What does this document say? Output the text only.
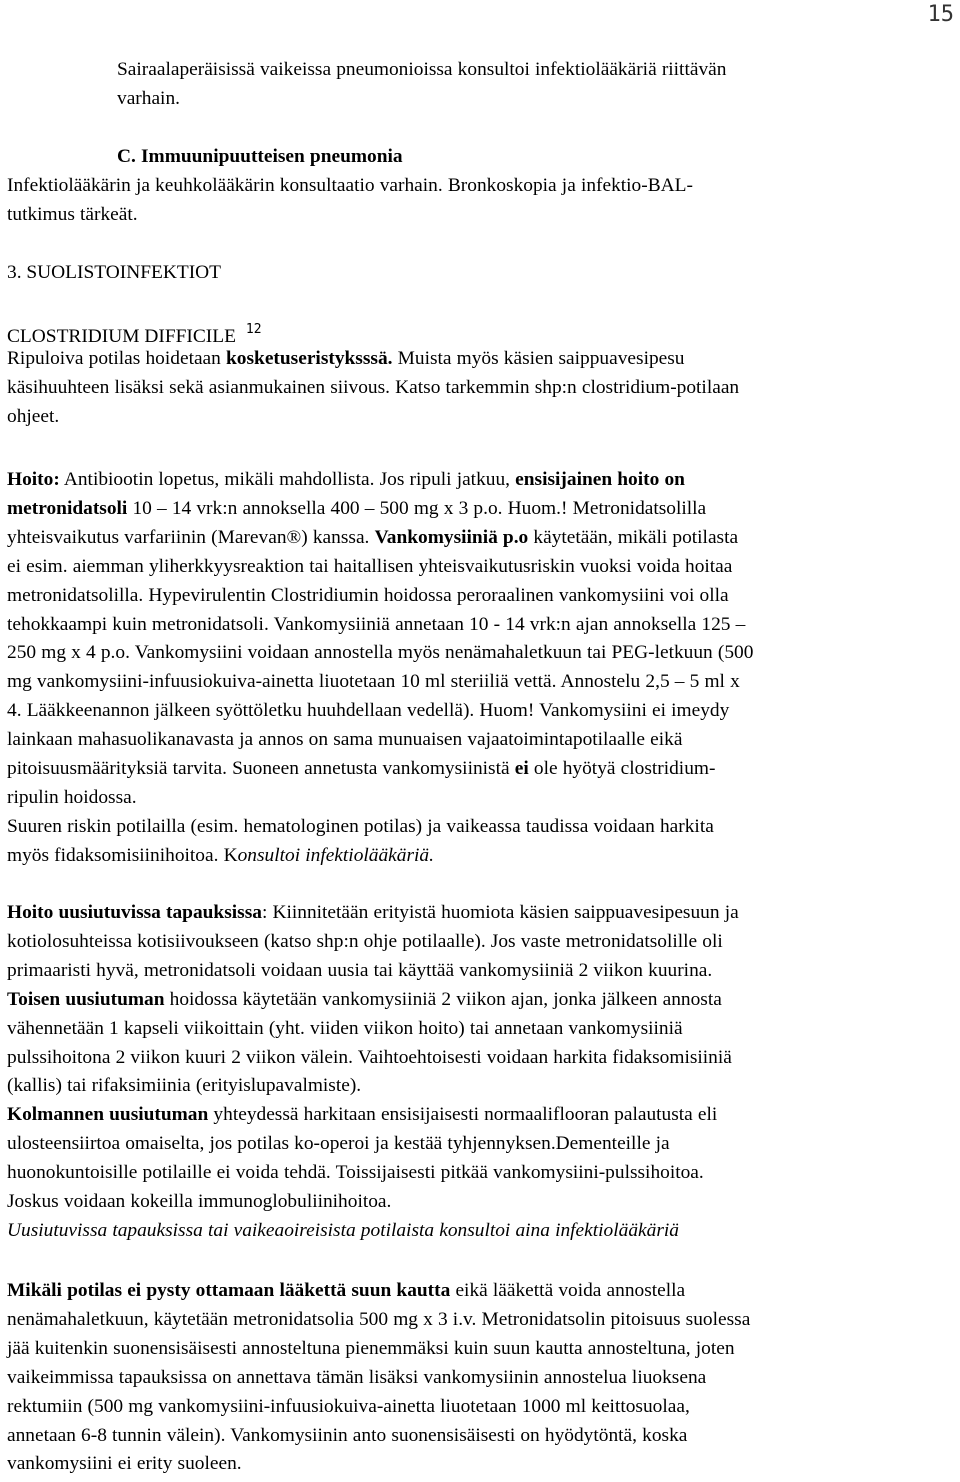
15
Sairaalaperäisissä vaikeissa pneumonioissa konsultoi infektiolääkäriä riittävän
varhain.
C. Immuunipuutteisen pneumonia
Infektiolääkärin ja keuhkolääkärin konsultaatio varhain. Bronkoskopia ja infektio-BAL-
tutkimus tärkeät.
3. SUOLISTOINFEKTIOT
CLOSTRIDIUM DIFFICILE $^{12}$
Ripuloiva potilas hoidetaan kosketuseristyksssä. Muista myös käsien saippuavesipesu
käsihuuhteen lisäksi sekä asianmukainen siivous. Katso tarkemmin shp:n clostridium-potilaan
ohjeet.
Hoito: Antibiootin lopetus, mikäli mahdollista. Jos ripuli jatkuu, ensisijainen hoito on
metronidatsoli 10 – 14 vrk:n annoksella 400 – 500 mg x 3 p.o. Huom.! Metronidatsolilla
yhteisvaikutus varfariinin (Marevan®) kanssa. Vankomysiiniä p.o käytetään, mikäli potilasta
ei esim. aiemman yliherkkyysreaktion tai haitallisen yhteisvaikutusriskin vuoksi voida hoitaa
metronidatsolilla. Hypevirulentin Clostridiumin hoidossa peroraalinen vankomysiini voi olla
tehokkaampi kuin metronidatsoli. Vankomysiiniä annetaan 10 - 14 vrk:n ajan annoksella 125 –
250 mg x 4 p.o. Vankomysiini voidaan annostella myös nenämahaletkuun tai PEG-letkuun (500
mg vankomysiini-infuusiokuiva-ainetta liuotetaan 10 ml steriiliä vettä. Annostelu 2,5 – 5 ml x
4. Lääkkeenannon jälkeen syöttöletku huuhdellaan vedellä). Huom! Vankomysiini ei imeydy
lainkaan mahasuolikanavasta ja annos on sama munuaisen vajaatoimintapotilaalle eikä
pitoisuusmäärityksiä tarvita. Suoneen annetusta vankomysiinistä ei ole hyötyä clostridium-
ripulin hoidossa.
Suuren riskin potilailla (esim. hematologinen potilas) ja vaikeassa taudissa voidaan harkita
myös fidaksomisiinihoitoa. Konsultoi infektiolääkäriä.
Hoito uusiutuvissa tapauksissa: Kiinnitetään erityistä huomiota käsien saippuavesipesuun ja
kotiolosuhteissa kotisiivoukseen (katso shp:n ohje potilaalle). Jos vaste metronidatsolille oli
primaaristi hyvä, metronidatsoli voidaan uusia tai käyttää vankomysiiniä 2 viikon kuurina.
Toisen uusiutuman hoidossa käytetään vankomysiiniä 2 viikon ajan, jonka jälkeen annosta
vähennetään 1 kapseli viikoittain (yht. viiden viikon hoito) tai annetaan vankomysiiniä
pulssihoitona 2 viikon kuuri 2 viikon välein. Vaihtoehtoisesti voidaan harkita fidaksomisiiniä
(kallis) tai rifaksimiinia (erityislupavalmiste).
Kolmannen uusiutuman yhteydessä harkitaan ensisijaisesti normaaliflooran palautusta eli
ulosteensiirtoa omaiselta, jos potilas ko-operoi ja kestää tyhjennyksen.Dementeille ja
huonokuntoisille potilaille ei voida tehdä. Toissijaisesti pitkää vankomysiini-pulssihoitoa.
Joskus voidaan kokeilla immunoglobuliinihoitoa.
Uusiutuvissa tapauksissa tai vaikeaoireisista potilaista konsultoi aina infektiolääkäriä
Mikäli potilas ei pysty ottamaan lääkettä suun kautta eikä lääkettä voida annostella
nenämahaletkuun, käytetään metronidatsolia 500 mg x 3 i.v. Metronidatsolin pitoisuus suolessa
jää kuitenkin suonensisäisesti annosteltuna pienemmäksi kuin suun kautta annosteltuna, joten
vaikeimmissa tapauksissa on annettava tämän lisäksi vankomysiinin annostelua liuoksena
rektumiin (500 mg vankomysiini-infuusiokuiva-ainetta liuotetaan 1000 ml keittosuolaa,
annetaan 6-8 tunnin välein). Vankomysiinin anto suonensisäisesti on hyödytöntä, koska
vankomysiini ei erity suoleen.
